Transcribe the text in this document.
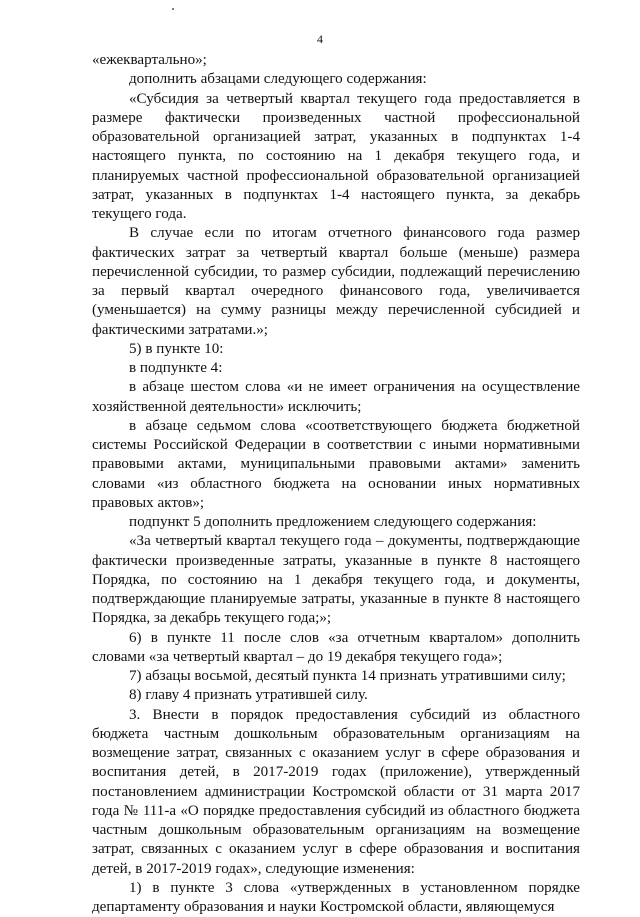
4

«ежеквартально»;

дополнить абзацами следующего содержания:

«Субсидия за четвертый квартал текущего года предоставляется в размере фактически произведенных частной профессиональной образовательной организацией затрат, указанных в подпунктах 1-4 настоящего пункта, по состоянию на 1 декабря текущего года, и планируемых частной профессиональной образовательной организацией затрат, указанных в подпунктах 1-4 настоящего пункта, за декабрь текущего года.

В случае если по итогам отчетного финансового года размер фактических затрат за четвертый квартал больше (меньше) размера перечисленной субсидии, то размер субсидии, подлежащий перечислению за первый квартал очередного финансового года, увеличивается (уменьшается) на сумму разницы между перечисленной субсидией и фактическими затратами.»;

5) в пункте 10:

в подпункте 4:

в абзаце шестом слова «и не имеет ограничения на осуществление хозяйственной деятельности» исключить;

в абзаце седьмом слова «соответствующего бюджета бюджетной системы Российской Федерации в соответствии с иными нормативными правовыми актами, муниципальными правовыми актами» заменить словами «из областного бюджета на основании иных нормативных правовых актов»;

подпункт 5 дополнить предложением следующего содержания:

«За четвертый квартал текущего года – документы, подтверждающие фактически произведенные затраты, указанные в пункте 8 настоящего Порядка, по состоянию на 1 декабря текущего года, и документы, подтверждающие планируемые затраты, указанные в пункте 8 настоящего Порядка, за декабрь текущего года;»;

6) в пункте 11 после слов «за отчетным кварталом» дополнить словами «за четвертый квартал – до 19 декабря текущего года»;

7) абзацы восьмой, десятый пункта 14 признать утратившими силу;

8) главу 4 признать утратившей силу.

3. Внести в порядок предоставления субсидий из областного бюджета частным дошкольным образовательным организациям на возмещение затрат, связанных с оказанием услуг в сфере образования и воспитания детей, в 2017-2019 годах (приложение), утвержденный постановлением администрации Костромской области от 31 марта 2017 года № 111-а «О порядке предоставления субсидий из областного бюджета частным дошкольным образовательным организациям на возмещение затрат, связанных с оказанием услуг в сфере образования и воспитания детей, в 2017-2019 годах», следующие изменения:

1) в пункте 3 слова «утвержденных в установленном порядке департаменту образования и науки Костромской области, являющемуся
